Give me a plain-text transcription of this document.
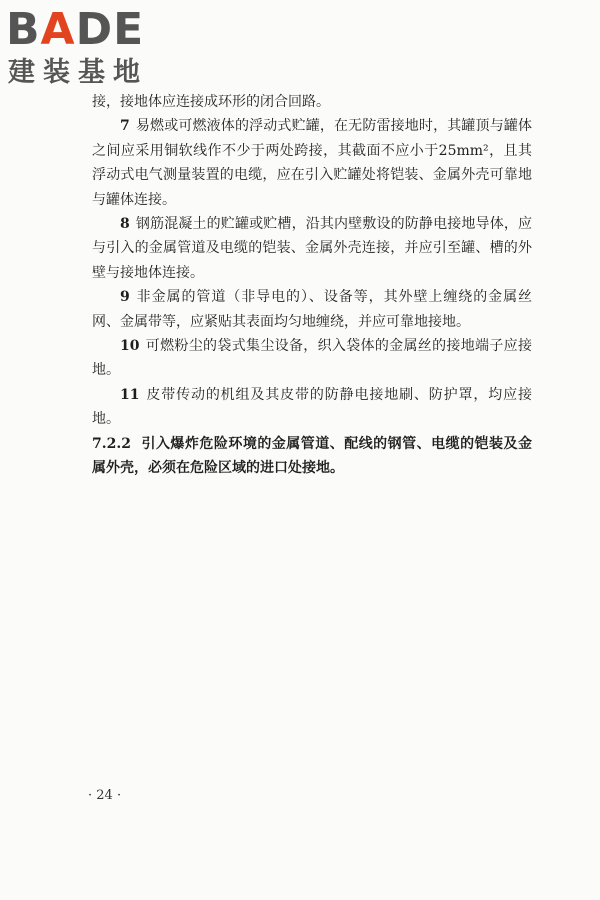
BADE
建装基地

接，接地体应连接成环形的闭合回路。

7 易燃或可燃液体的浮动式贮罐，在无防雷接地时，其罐顶与罐体之间应采用铜软线作不少于两处跨接，其截面不应小于25mm²，且其浮动式电气测量装置的电缆，应在引入贮罐处将铠装、金属外壳可靠地与罐体连接。

8 钢筋混凝土的贮罐或贮槽，沿其内壁敷设的防静电接地导体，应与引入的金属管道及电缆的铠装、金属外壳连接，并应引至罐、槽的外壁与接地体连接。

9 非金属的管道（非导电的）、设备等，其外壁上缠绕的金属丝网、金属带等，应紧贴其表面均匀地缠绕，并应可靠地接地。

10 可燃粉尘的袋式集尘设备，织入袋体的金属丝的接地端子应接地。

11 皮带传动的机组及其皮带的防静电接地刷、防护罩，均应接地。

7.2.2 引入爆炸危险环境的金属管道、配线的钢管、电缆的铠装及金属外壳，必须在危险区域的进口处接地。

· 24 ·
